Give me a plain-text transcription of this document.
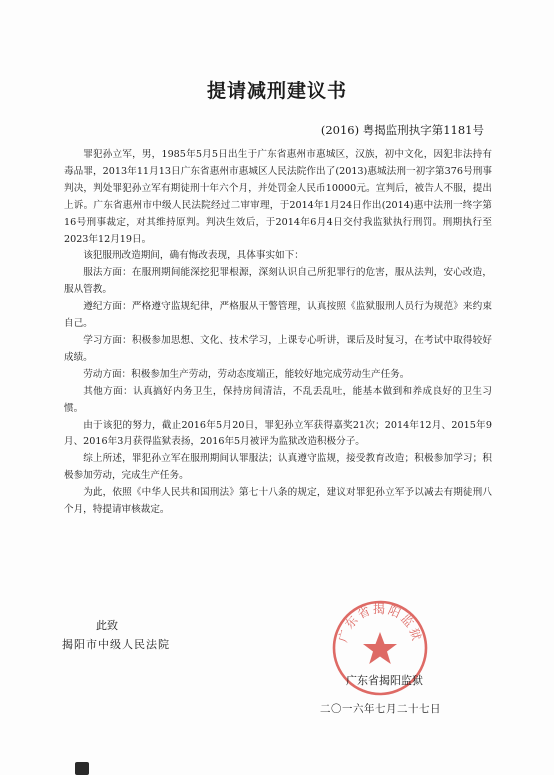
提请减刑建议书
(2016) 粤揭监刑执字第1181号

罪犯孙立军，男，1985年5月5日出生于广东省惠州市惠城区，汉族，初中文化，因犯非法持有毒品罪，2013年11月13日广东省惠州市惠城区人民法院作出了(2013)惠城法刑一初字第376号刑事判决，判处罪犯孙立军有期徒刑十年六个月，并处罚金人民币10000元。宣判后，被告人不服，提出上诉。广东省惠州市中级人民法院经过二审审理，于2014年1月24日作出(2014)惠中法刑一终字第16号刑事裁定，对其维持原判。判决生效后，于2014年6月4日交付我监狱执行刑罚。刑期执行至2023年12月19日。

该犯服刑改造期间，确有悔改表现，具体事实如下：

服法方面：在服刑期间能深挖犯罪根源，深刻认识自己所犯罪行的危害，服从法判，安心改造，服从管教。

遵纪方面：严格遵守监规纪律，严格服从干警管理，认真按照《监狱服刑人员行为规范》来约束自己。

学习方面：积极参加思想、文化、技术学习，上课专心听讲，课后及时复习，在考试中取得较好成绩。

劳动方面：积极参加生产劳动，劳动态度端正，能较好地完成劳动生产任务。

其他方面：认真搞好内务卫生，保持房间清洁，不乱丢乱吐，能基本做到和养成良好的卫生习惯。

由于该犯的努力，截止2016年5月20日，罪犯孙立军获得嘉奖21次；2014年12月、2015年9月、2016年3月获得监狱表扬，2016年5月被评为监狱改造积极分子。

综上所述，罪犯孙立军在服刑期间认罪服法；认真遵守监规，接受教育改造；积极参加学习；积极参加劳动，完成生产任务。

为此，依照《中华人民共和国刑法》第七十八条的规定，建议对罪犯孙立军予以减去有期徒刑八个月，特提请审核裁定。

此致
揭阳市中级人民法院
广东省揭阳监狱
广东省揭阳监狱
二〇一六年七月二十七日
